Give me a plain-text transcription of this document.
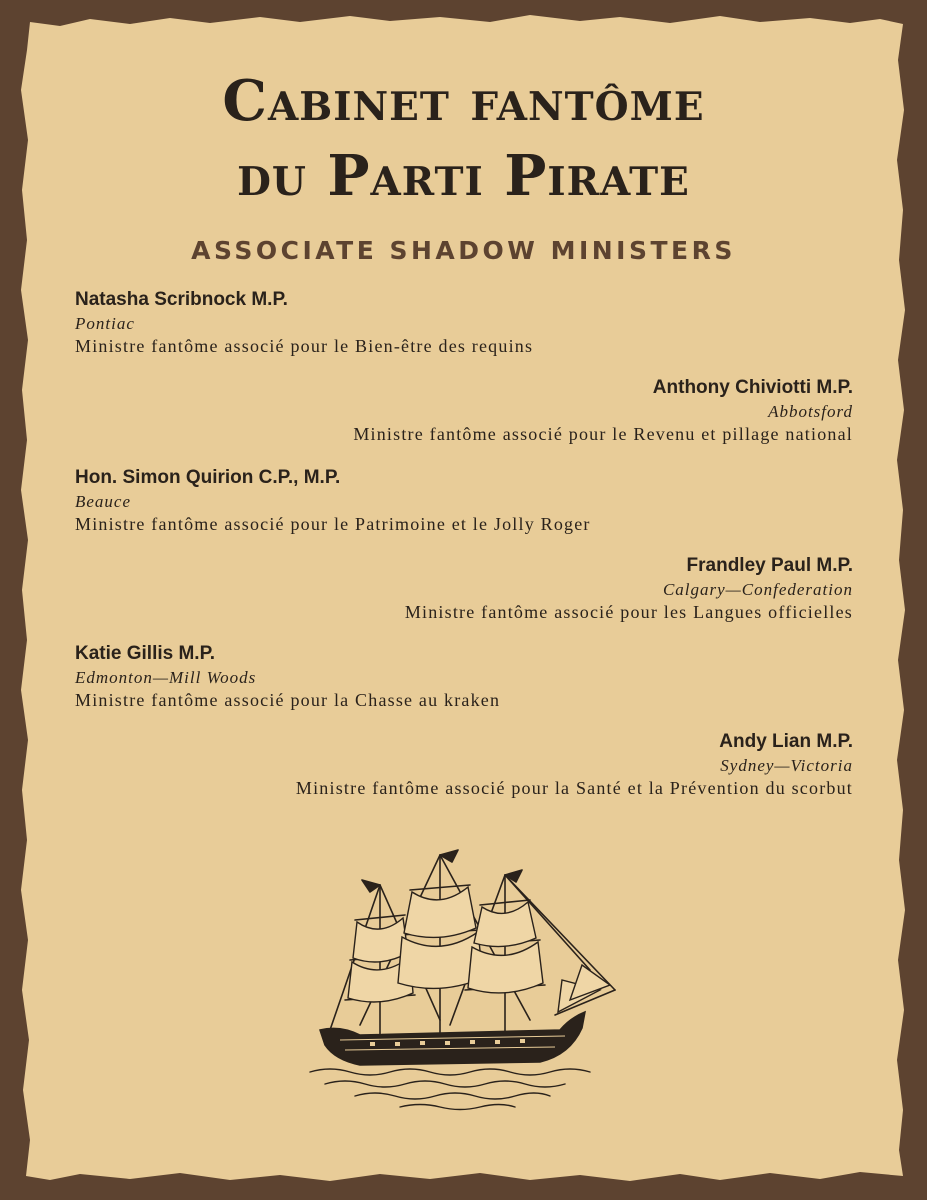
Cabinet fantôme
du Parti Pirate
ASSOCIATE SHADOW MINISTERS
Natasha Scribnock M.P.
Pontiac
Ministre fantôme associé pour le Bien-être des requins
Anthony Chiviotti M.P.
Abbotsford
Ministre fantôme associé pour le Revenu et pillage national
Hon. Simon Quirion C.P., M.P.
Beauce
Ministre fantôme associé pour le Patrimoine et le Jolly Roger
Frandley Paul M.P.
Calgary—Confederation
Ministre fantôme associé pour les Langues officielles
Katie Gillis M.P.
Edmonton—Mill Woods
Ministre fantôme associé pour la Chasse au kraken
Andy Lian M.P.
Sydney—Victoria
Ministre fantôme associé pour la Santé et la Prévention du scorbut
